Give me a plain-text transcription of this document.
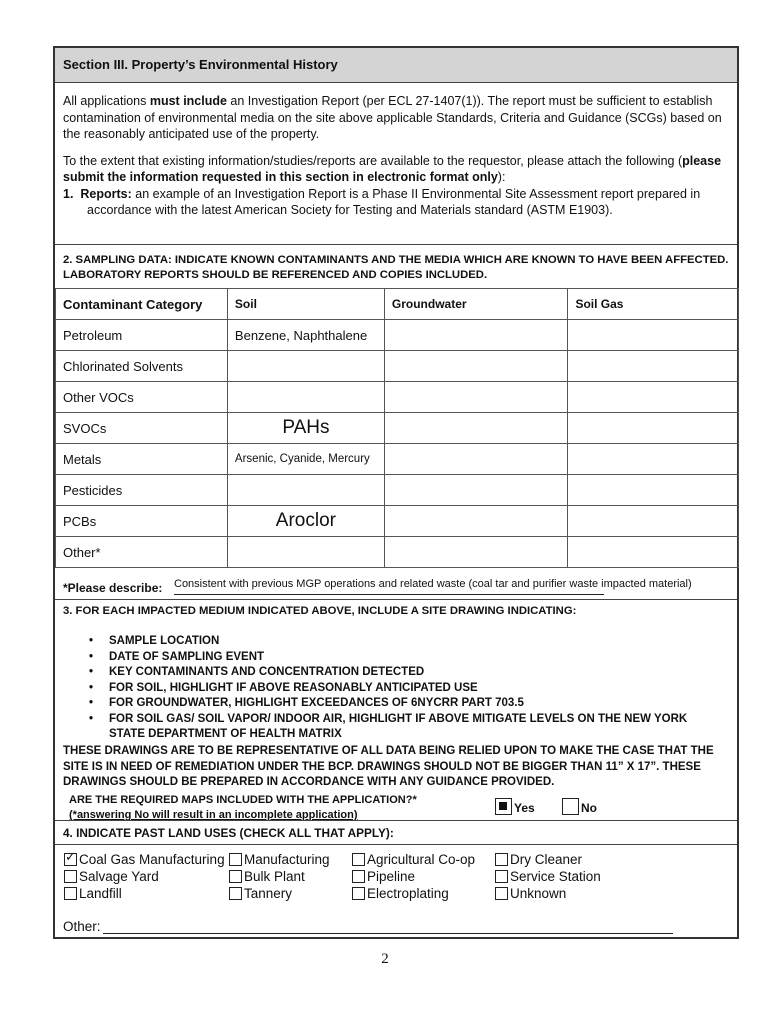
Section III. Property’s Environmental History
All applications must include an Investigation Report (per ECL 27-1407(1)). The report must be sufficient to establish contamination of environmental media on the site above applicable Standards, Criteria and Guidance (SCGs) based on the reasonably anticipated use of the property.
To the extent that existing information/studies/reports are available to the requestor, please attach the following (please submit the information requested in this section in electronic format only):
1. Reports: an example of an Investigation Report is a Phase II Environmental Site Assessment report prepared in accordance with the latest American Society for Testing and Materials standard (ASTM E1903).
2. SAMPLING DATA: INDICATE KNOWN CONTAMINANTS AND THE MEDIA WHICH ARE KNOWN TO HAVE BEEN AFFECTED. LABORATORY REPORTS SHOULD BE REFERENCED AND COPIES INCLUDED.
Contaminant Category	Soil	Groundwater	Soil Gas
Petroleum	Benzene, Naphthalene		
Chlorinated Solvents			
Other VOCs			
SVOCs	PAHs		
Metals	Arsenic, Cyanide, Mercury		
Pesticides			
PCBs	Aroclor		
Other*			
*Please describe: Consistent with previous MGP operations and related waste (coal tar and purifier waste impacted material)
3. FOR EACH IMPACTED MEDIUM INDICATED ABOVE, INCLUDE A SITE DRAWING INDICATING:
• SAMPLE LOCATION
• DATE OF SAMPLING EVENT
• KEY CONTAMINANTS AND CONCENTRATION DETECTED
• FOR SOIL, HIGHLIGHT IF ABOVE REASONABLY ANTICIPATED USE
• FOR GROUNDWATER, HIGHLIGHT EXCEEDANCES OF 6NYCRR PART 703.5
• FOR SOIL GAS/ SOIL VAPOR/ INDOOR AIR, HIGHLIGHT IF ABOVE MITIGATE LEVELS ON THE NEW YORK STATE DEPARTMENT OF HEALTH MATRIX
THESE DRAWINGS ARE TO BE REPRESENTATIVE OF ALL DATA BEING RELIED UPON TO MAKE THE CASE THAT THE SITE IS IN NEED OF REMEDIATION UNDER THE BCP. DRAWINGS SHOULD NOT BE BIGGER THAN 11” X 17”. THESE DRAWINGS SHOULD BE PREPARED IN ACCORDANCE WITH ANY GUIDANCE PROVIDED.
ARE THE REQUIRED MAPS INCLUDED WITH THE APPLICATION?*
(*answering No will result in an incomplete application)	Yes	No
4. INDICATE PAST LAND USES (CHECK ALL THAT APPLY):
✓Coal Gas Manufacturing	Manufacturing	Agricultural Co-op	Dry Cleaner
Salvage Yard	Bulk Plant	Pipeline	Service Station
Landfill	Tannery	Electroplating	Unknown
Other:
2
